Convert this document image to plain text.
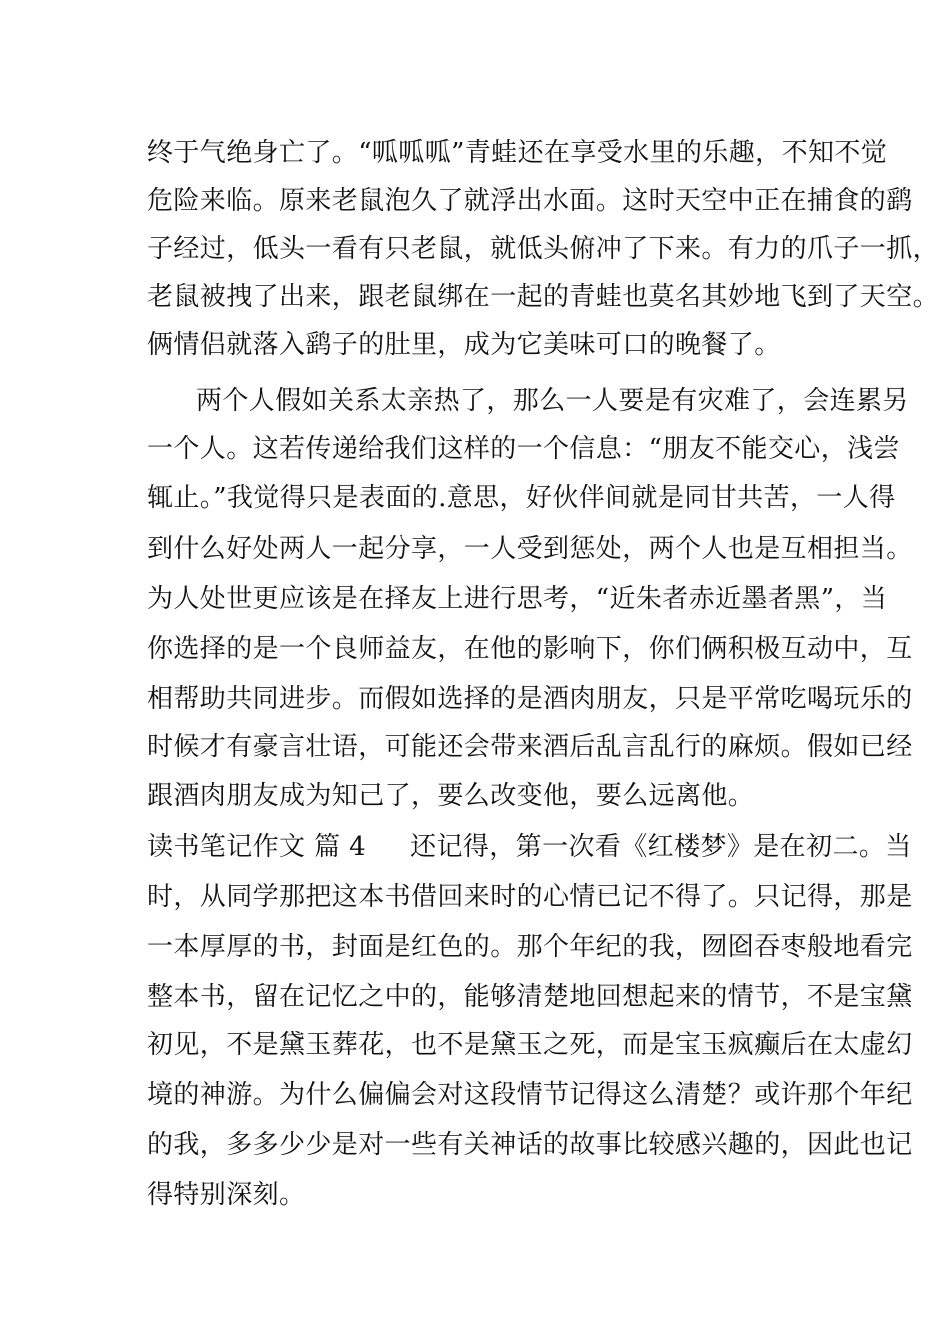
终于气绝身亡了。“呱呱呱”青蛙还在享受水里的乐趣，不知不觉
危险来临。原来老鼠泡久了就浮出水面。这时天空中正在捕食的鹞
子经过，低头一看有只老鼠，就低头俯冲了下来。有力的爪子一抓，
老鼠被拽了出来，跟老鼠绑在一起的青蛙也莫名其妙地飞到了天空。
俩情侣就落入鹞子的肚里，成为它美味可口的晚餐了。
两个人假如关系太亲热了，那么一人要是有灾难了，会连累另
一个人。这若传递给我们这样的一个信息：“朋友不能交心，浅尝
辄止。”我觉得只是表面的.意思，好伙伴间就是同甘共苦，一人得
到什么好处两人一起分享，一人受到惩处，两个人也是互相担当。
为人处世更应该是在择友上进行思考，“近朱者赤近墨者黑”，当
你选择的是一个良师益友，在他的影响下，你们俩积极互动中，互
相帮助共同进步。而假如选择的是酒肉朋友，只是平常吃喝玩乐的
时候才有豪言壮语，可能还会带来酒后乱言乱行的麻烦。假如已经
跟酒肉朋友成为知己了，要么改变他，要么远离他。
读书笔记作文 篇 4 还记得，第一次看《红楼梦》是在初二。当
时，从同学那把这本书借回来时的心情已记不得了。只记得，那是
一本厚厚的书，封面是红色的。那个年纪的我，囫囵吞枣般地看完
整本书，留在记忆之中的，能够清楚地回想起来的情节，不是宝黛
初见，不是黛玉葬花，也不是黛玉之死，而是宝玉疯癫后在太虚幻
境的神游。为什么偏偏会对这段情节记得这么清楚？或许那个年纪
的我，多多少少是对一些有关神话的故事比较感兴趣的，因此也记
得特别深刻。
